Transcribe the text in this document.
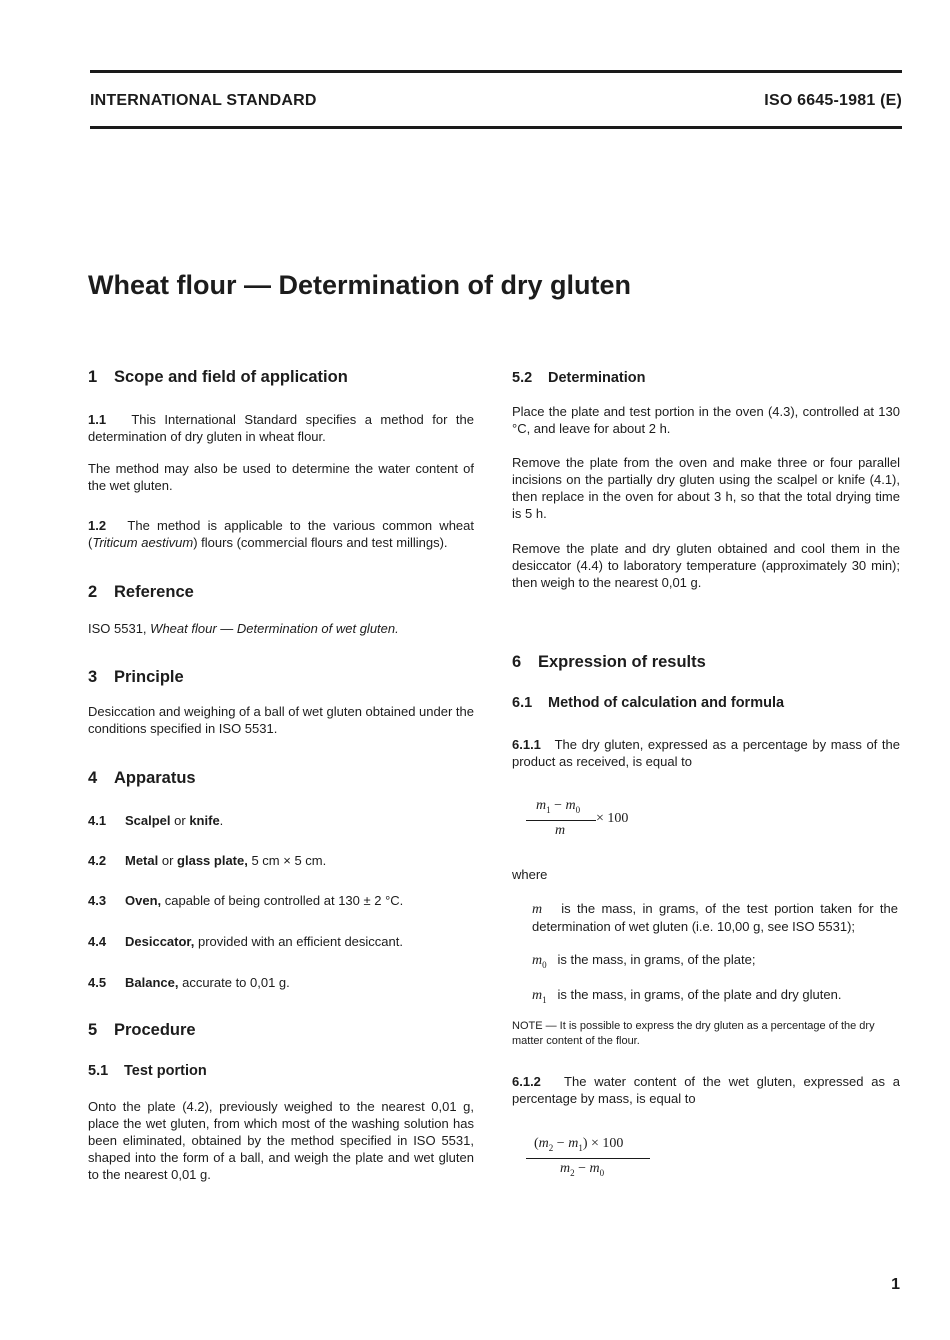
INTERNATIONAL STANDARD	ISO 6645-1981 (E)
Wheat flour — Determination of dry gluten
1 Scope and field of application

1.1 This International Standard specifies a method for the determination of dry gluten in wheat flour.

The method may also be used to determine the water content of the wet gluten.

1.2 The method is applicable to the various common wheat (Triticum aestivum) flours (commercial flours and test millings).

2 Reference

ISO 5531, Wheat flour — Determination of wet gluten.

3 Principle

Desiccation and weighing of a ball of wet gluten obtained under the conditions specified in ISO 5531.

4 Apparatus

4.1 Scalpel or knife.

4.2 Metal or glass plate, 5 cm × 5 cm.

4.3 Oven, capable of being controlled at 130 ± 2 °C.

4.4 Desiccator, provided with an efficient desiccant.

4.5 Balance, accurate to 0,01 g.

5 Procedure
5.1 Test portion

Onto the plate (4.2), previously weighed to the nearest 0,01 g, place the wet gluten, from which most of the washing solution has been eliminated, obtained by the method specified in ISO 5531, shaped into the form of a ball, and weigh the plate and wet gluten to the nearest 0,01 g.

5.2 Determination

Place the plate and test portion in the oven (4.3), controlled at 130 °C, and leave for about 2 h.

Remove the plate from the oven and make three or four parallel incisions on the partially dry gluten using the scalpel or knife (4.1), then replace in the oven for about 3 h, so that the total drying time is 5 h.

Remove the plate and dry gluten obtained and cool them in the desiccator (4.4) to laboratory temperature (approximately 30 min); then weigh to the nearest 0,01 g.

6 Expression of results
6.1 Method of calculation and formula

6.1.1 The dry gluten, expressed as a percentage by mass of the product as received, is equal to

$m_1 - m_0$
× 100
m

where

m is the mass, in grams, of the test portion taken for the determination of wet gluten (i.e. 10,00 g, see ISO 5531);

$m_0$ is the mass, in grams, of the plate;

$m_1$ is the mass, in grams, of the plate and dry gluten.

NOTE — It is possible to express the dry gluten as a percentage of the dry matter content of the flour.

6.1.2 The water content of the wet gluten, expressed as a percentage by mass, is equal to

$(m_2 - m_1) \times 100$
$m_2 - m_0$
1
